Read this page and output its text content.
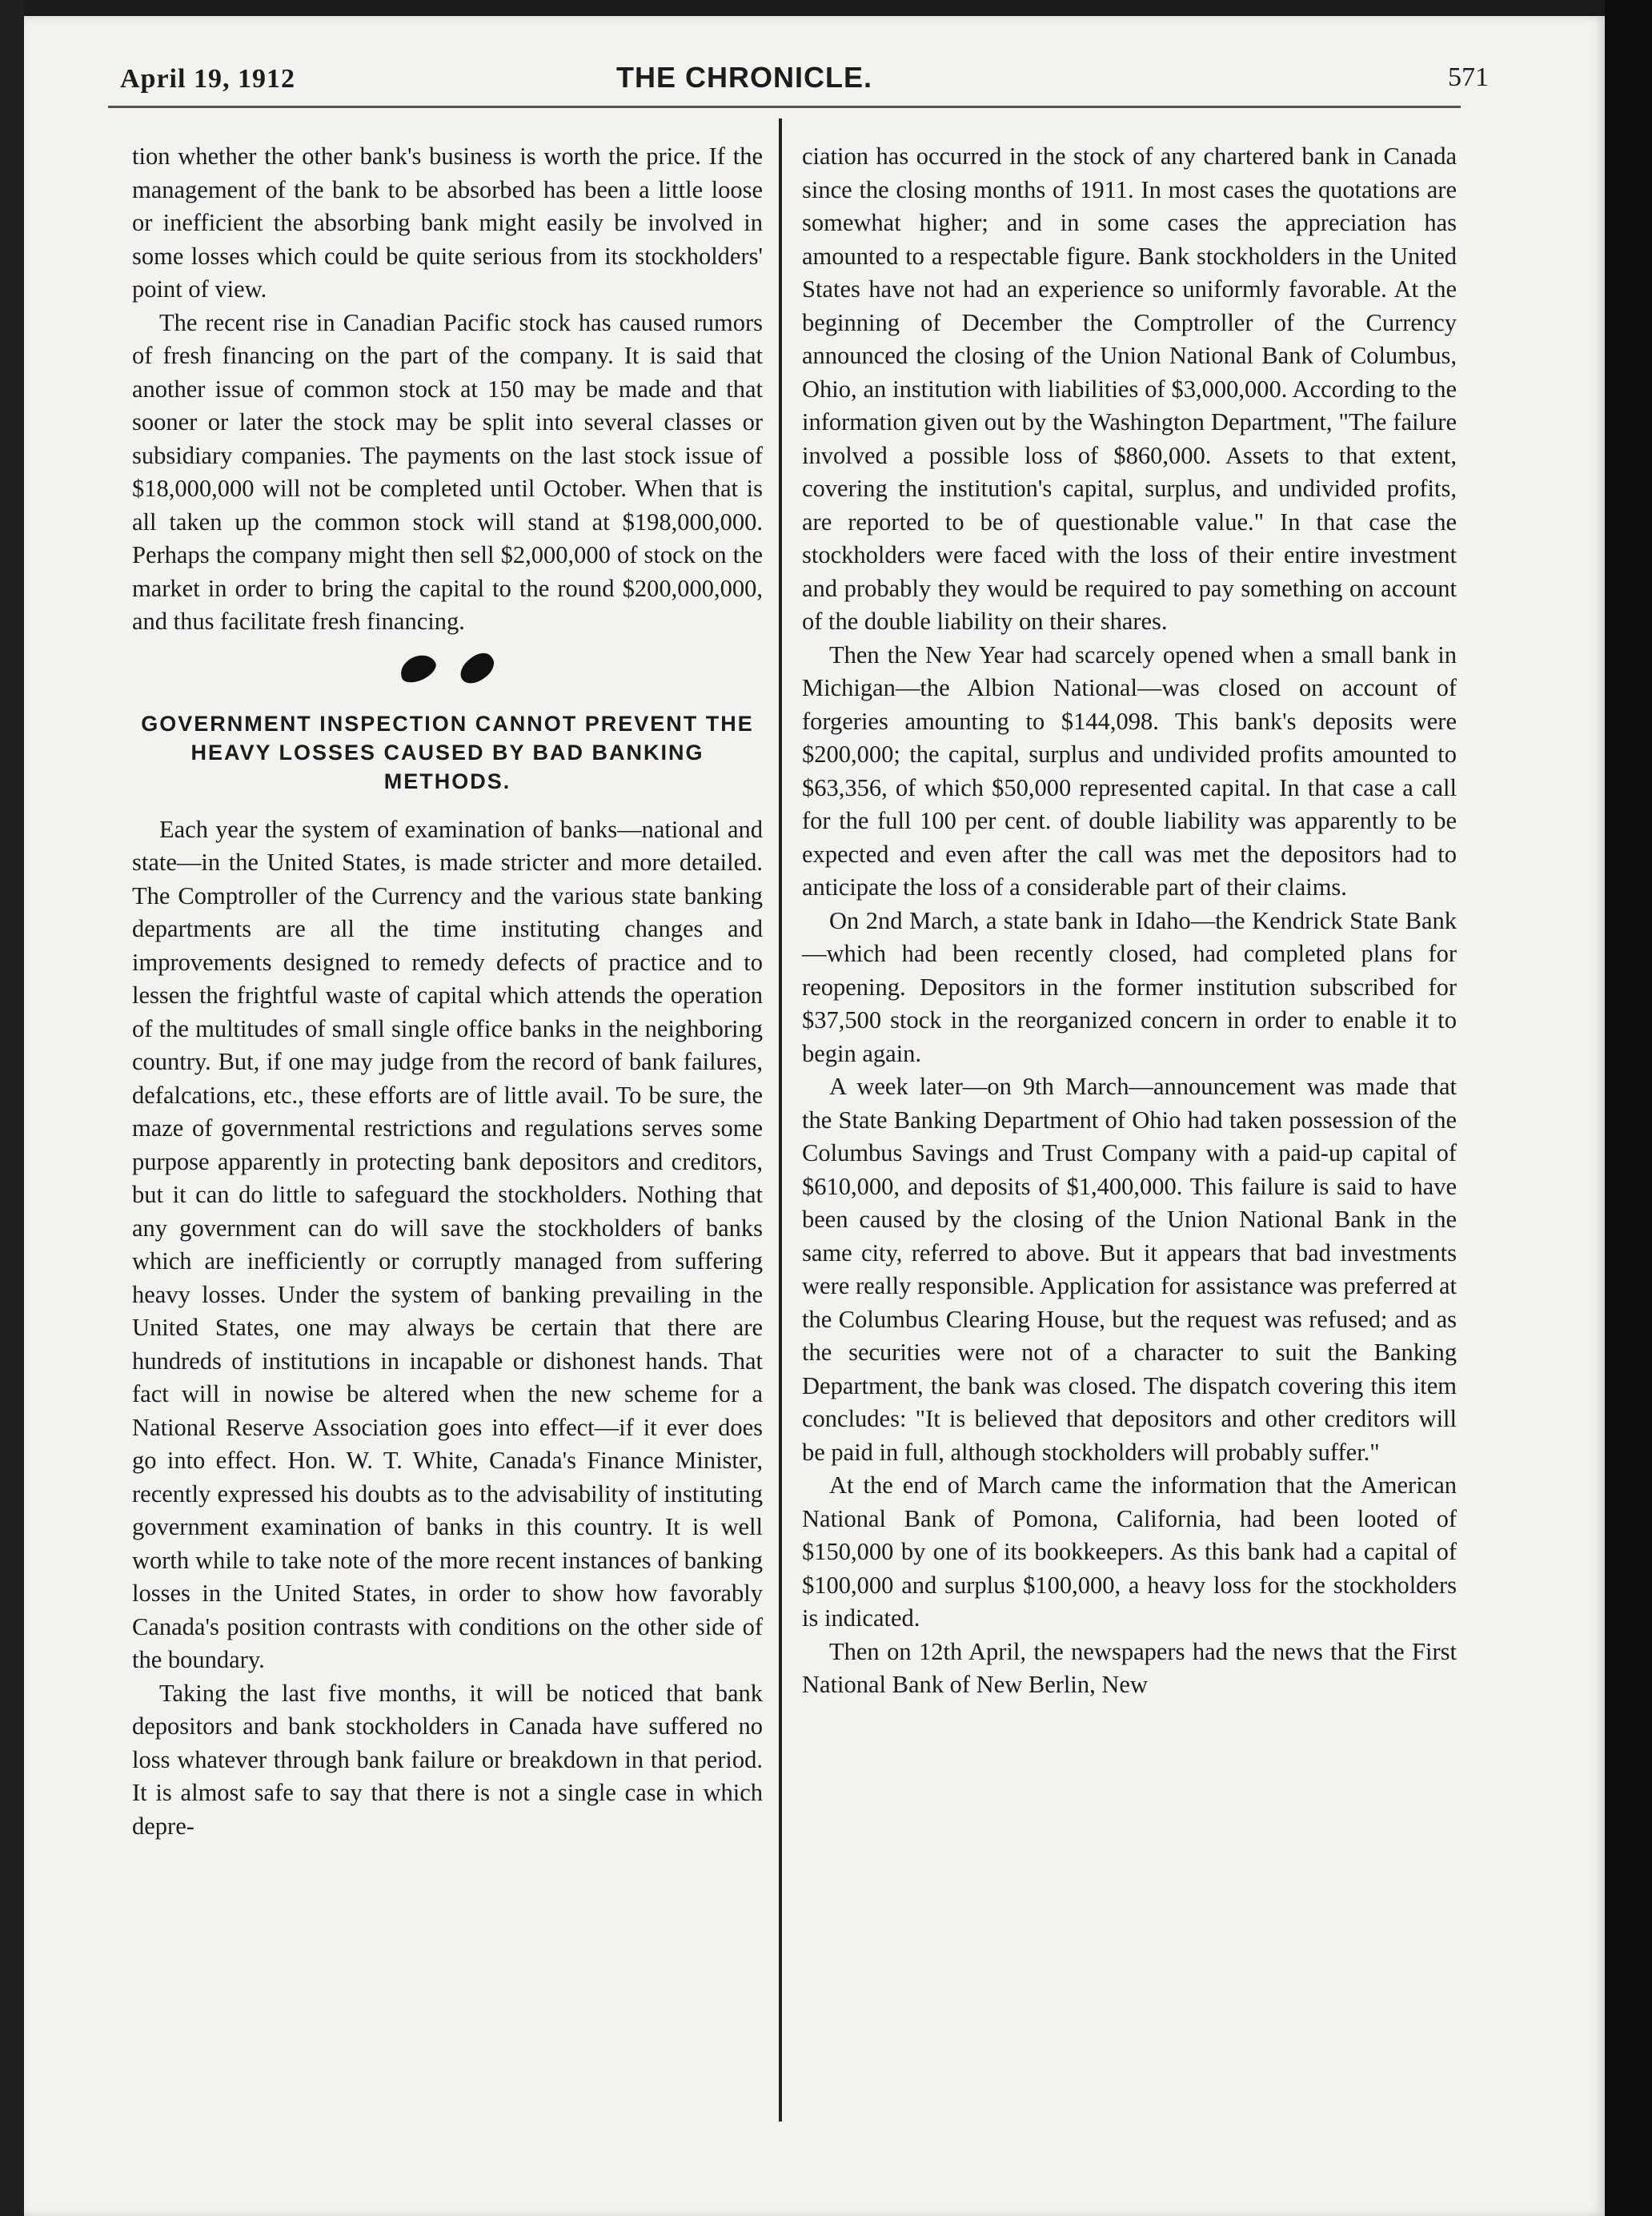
April 19, 1912	THE CHRONICLE.	571

tion whether the other bank's business is worth the price. If the management of the bank to be absorbed has been a little loose or inefficient the absorbing bank might easily be involved in some losses which could be quite serious from its stockholders' point of view.

The recent rise in Canadian Pacific stock has caused rumors of fresh financing on the part of the company. It is said that another issue of common stock at 150 may be made and that sooner or later the stock may be split into several classes or subsidiary companies. The payments on the last stock issue of $18,000,000 will not be completed until October. When that is all taken up the common stock will stand at $198,000,000. Perhaps the company might then sell $2,000,000 of stock on the market in order to bring the capital to the round $200,000,000, and thus facilitate fresh financing.

GOVERNMENT INSPECTION CANNOT PREVENT THE HEAVY LOSSES CAUSED BY BAD BANKING METHODS.

Each year the system of examination of banks—national and state—in the United States, is made stricter and more detailed. The Comptroller of the Currency and the various state banking departments are all the time instituting changes and improvements designed to remedy defects of practice and to lessen the frightful waste of capital which attends the operation of the multitudes of small single office banks in the neighboring country. But, if one may judge from the record of bank failures, defalcations, etc., these efforts are of little avail. To be sure, the maze of governmental restrictions and regulations serves some purpose apparently in protecting bank depositors and creditors, but it can do little to safeguard the stockholders. Nothing that any government can do will save the stockholders of banks which are inefficiently or corruptly managed from suffering heavy losses. Under the system of banking prevailing in the United States, one may always be certain that there are hundreds of institutions in incapable or dishonest hands. That fact will in nowise be altered when the new scheme for a National Reserve Association goes into effect—if it ever does go into effect. Hon. W. T. White, Canada's Finance Minister, recently expressed his doubts as to the advisability of instituting government examination of banks in this country. It is well worth while to take note of the more recent instances of banking losses in the United States, in order to show how favorably Canada's position contrasts with conditions on the other side of the boundary.

Taking the last five months, it will be noticed that bank depositors and bank stockholders in Canada have suffered no loss whatever through bank failure or breakdown in that period. It is almost safe to say that there is not a single case in which depre-

ciation has occurred in the stock of any chartered bank in Canada since the closing months of 1911. In most cases the quotations are somewhat higher; and in some cases the appreciation has amounted to a respectable figure. Bank stockholders in the United States have not had an experience so uniformly favorable. At the beginning of December the Comptroller of the Currency announced the closing of the Union National Bank of Columbus, Ohio, an institution with liabilities of $3,000,000. According to the information given out by the Washington Department, "The failure involved a possible loss of $860,000. Assets to that extent, covering the institution's capital, surplus, and undivided profits, are reported to be of questionable value." In that case the stockholders were faced with the loss of their entire investment and probably they would be required to pay something on account of the double liability on their shares.

Then the New Year had scarcely opened when a small bank in Michigan—the Albion National—was closed on account of forgeries amounting to $144,098. This bank's deposits were $200,000; the capital, surplus and undivided profits amounted to $63,356, of which $50,000 represented capital. In that case a call for the full 100 per cent. of double liability was apparently to be expected and even after the call was met the depositors had to anticipate the loss of a considerable part of their claims.

On 2nd March, a state bank in Idaho—the Kendrick State Bank—which had been recently closed, had completed plans for reopening. Depositors in the former institution subscribed for $37,500 stock in the reorganized concern in order to enable it to begin again.

A week later—on 9th March—announcement was made that the State Banking Department of Ohio had taken possession of the Columbus Savings and Trust Company with a paid-up capital of $610,000, and deposits of $1,400,000. This failure is said to have been caused by the closing of the Union National Bank in the same city, referred to above. But it appears that bad investments were really responsible. Application for assistance was preferred at the Columbus Clearing House, but the request was refused; and as the securities were not of a character to suit the Banking Department, the bank was closed. The dispatch covering this item concludes: "It is believed that depositors and other creditors will be paid in full, although stockholders will probably suffer."

At the end of March came the information that the American National Bank of Pomona, California, had been looted of $150,000 by one of its bookkeepers. As this bank had a capital of $100,000 and surplus $100,000, a heavy loss for the stockholders is indicated.

Then on 12th April, the newspapers had the news that the First National Bank of New Berlin, New
